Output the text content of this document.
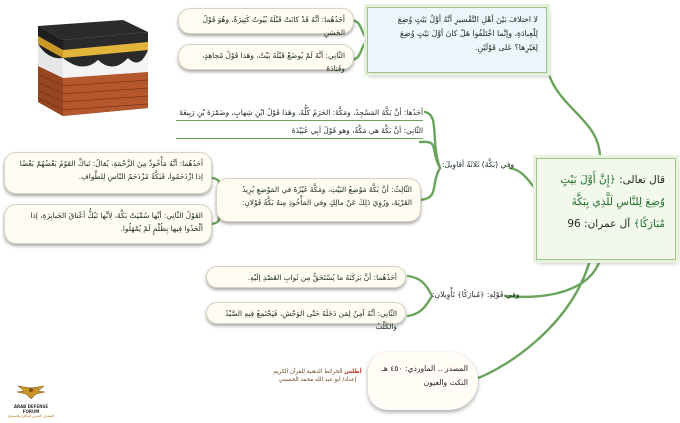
لا اختلافَ بَيْنَ أهْلِ التَّفْسيرِ أنَّهُ أوَّلُ بَيْتٍ وُضِعَ لِلْعِبادَةِ، وإنَّما اخْتَلَفُوا هَلْ كانَ أوَّلَ بَيْتٍ وُضِعَ لِغَيْرِها؟ عَلى قَوْلَيْنِ.
أحَدُهُما: أنَّهُ قَدْ كانَتْ قَبْلَهُ بُيُوتٌ كَثِيرَةٌ، وهُوَ قَوْلُ الحَسَنِ
الثّانِي: أنَّهُ لَمْ يُوضَعْ قَبْلَهُ بَيْتٌ، وهَذا قَوْلُ مُجاهِدٍ، وقَتادَةَ
قال تعالى: ﴿إِنَّ أَوَّلَ بَيْتٍ وُضِعَ لِلنَّاسِ لَلَّذِي بِبَكَّةَ مُبَارَكًا﴾ آل عمران: 96
وفي (بَكَّةَ) ثَلاثَةُ أقاوِيلَ:
أحَدُها: أنَّ بَكَّةَ المَسْجِدُ، ومَكَّةَ: الحَرَمُ كُلُّهُ، وهَذا قَوْلُ ابْنِ شِهابٍ، وضَمْرَةَ بْنِ رَبِيعَةَ
الثّانِي: أنَّ بَكَّةَ هي مَكَّةُ، وهو قَوْلُ أبِي عُبَيْدَةَ
الثّالِثُ: أنَّ بَكَّةَ مَوْضِعُ البَيْتِ، ومَكَّةَ غَيْرُهُ في المَوْضِعِ يُرِيدُ القَرْيَةَ، ورُوِيَ ذَلِكَ عَنْ مالِكٍ وفي المَأْخُوذِ مِنهُ بَكَّةُ قَوْلانِ:
أحَدُهُما: أنَّهُ مَأْخُوذٌ مِنَ الزَّحْمَةِ، يُقالُ: تَباكَّ القَوْمُ بَعْضُهُمْ بَعْضًا إذا ازْدَحَمُوا، فَبَكَّةُ مُزْدَحَمُ النّاسِ لِلطَّوافِ.
القَوْلُ الثّانِي: أنَّها سُمِّيَتْ بَكَّةَ، لِأنَّها تَبُكُّ أعْناقَ الجَبابِرَةِ، إذا ألْحَدُوا فِيها بِظُلْمٍ لَمْ يُمْهَلُوا.
وفي قَوْلِهِ: ﴿مُبارَكًا﴾ تَأْوِيلانِ:
أحَدُهُما: أنَّ بَرَكَتَهُ ما يُسْتَحَقُّ مِن ثَوابِ القَصْدِ إلَيْهِ.
الثّانِي: أنَّهُ آمِنٌ لِمَن دَخَلَهُ حَتّى الوَحْشِ، فَيَجْتَمِعُ فِيهِ الصَّيْدُ والكَلْبُ
المصدر .. الماوردي: ٤٥٠ هـ
النكت والعيون
أطلس الخرائط الذهنية للقرآن الكريم
إعداد/ أبو عبد الله محمد الحسيني
ARAB DEFENSE FORUM
المنتدى العربي للدفاع والتسليح
